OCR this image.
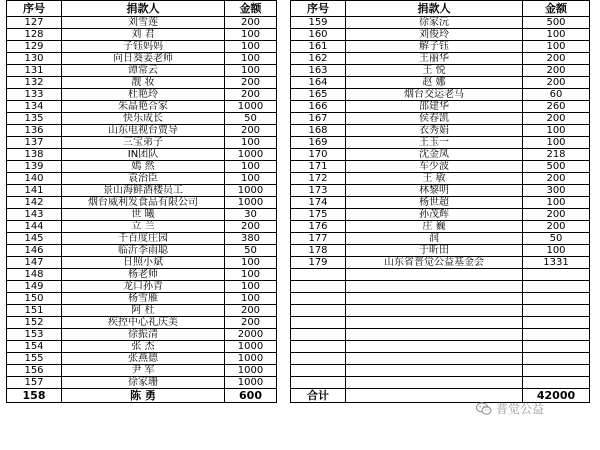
序号	捐款人	金额		序号	捐款人	金额
127	刘雪莲	200		159	徐家沅	500
128	刘 君	100		160	刘俊玲	100
129	子钰妈妈	100		161	解子钰	100
130	向日葵姜老师	100		162	王丽华	200
131	谭常云	100		163	王 悦	200
132	靓 妆	200		164	赵 娜	200
133	杜艳玲	200		165	烟台交运老马	60
134	朱晶艳合家	1000		166	邵建华	260
135	快乐成长	50		167	侯春凯	200
136	山东电视台贾导	200		168	衣秀娟	100
137	三宝弟子	100		169	王玉一	100
138	IN团队	1000		170	沈金凤	218
139	嫣 然	100		171	车少波	500
140	袁治臣	100		172	王 敏	200
141	景山海鲜酒楼员工	1000		173	林黎明	300
142	烟台威利发食品有限公司	1000		174	杨世超	100
143	世 曦	30		175	孙茂辉	200
144	立 兰	200		176	庄 巍	200
145	千百度庄园	380		177	润	50
146	临沂李雨聪	50		178	于昕田	100
147	日照小斌	100		179	山东省普觉公益基金会	1331
148	杨老师	100				
149	龙口孙青	100				
150	杨雪雁	100				
151	阿 杜	200				
152	疾控中心礼庆美	200				
153	徐振清	2000				
154	张 杰	1000				
155	张燕德	1000				
156	尹 军	1000				
157	徐家珊	1000				
158	陈 勇	600		合计		42000
普觉公益
